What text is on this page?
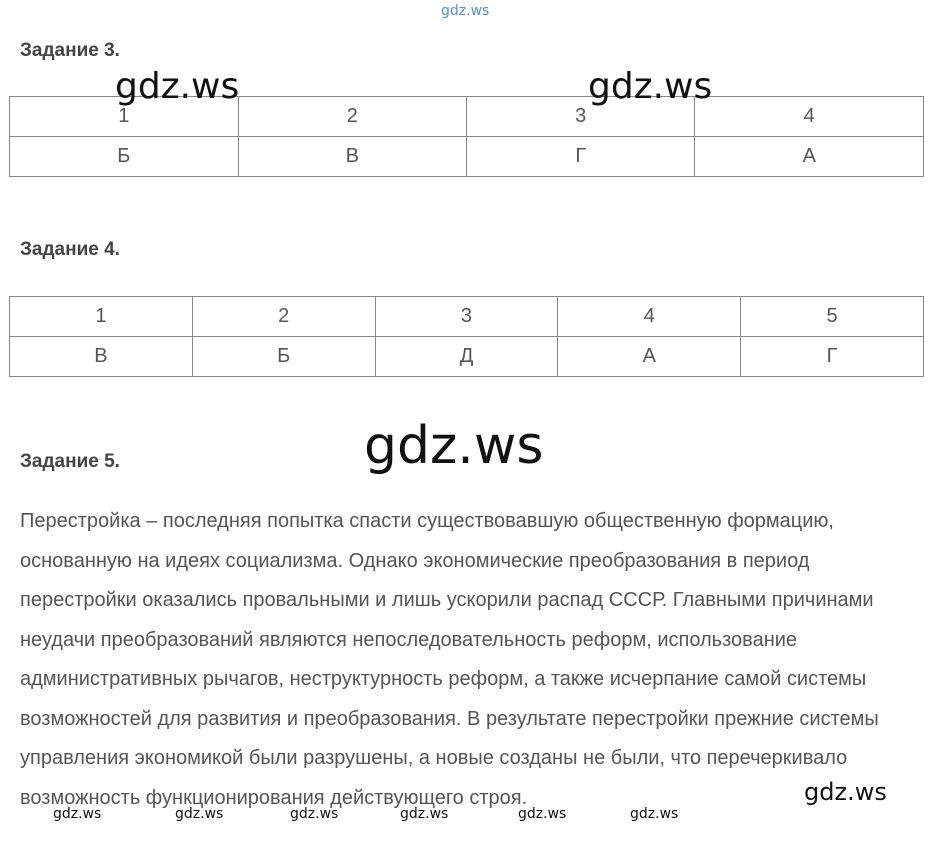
Задание 3.
1	2	3	4
Б	В	Г	А
Задание 4.
1	2	3	4	5
В	Б	Д	А	Г
Задание 5.
Перестройка – последняя попытка спасти существовавшую общественную формацию, основанную на идеях социализма. Однако экономические преобразования в период перестройки оказались провальными и лишь ускорили распад СССР. Главными причинами неудачи преобразований являются непоследовательность реформ, использование административных рычагов, неструктурность реформ, а также исчерпание самой системы возможностей для развития и преобразования. В результате перестройки прежние системы управления экономикой были разрушены, а новые созданы не были, что перечеркивало возможность функционирования действующего строя.
gdz.ws
gdz.ws	gdz.ws
gdz.ws
gdz.ws
gdz.ws	gdz.ws	gdz.ws	gdz.ws	gdz.ws	gdz.ws
